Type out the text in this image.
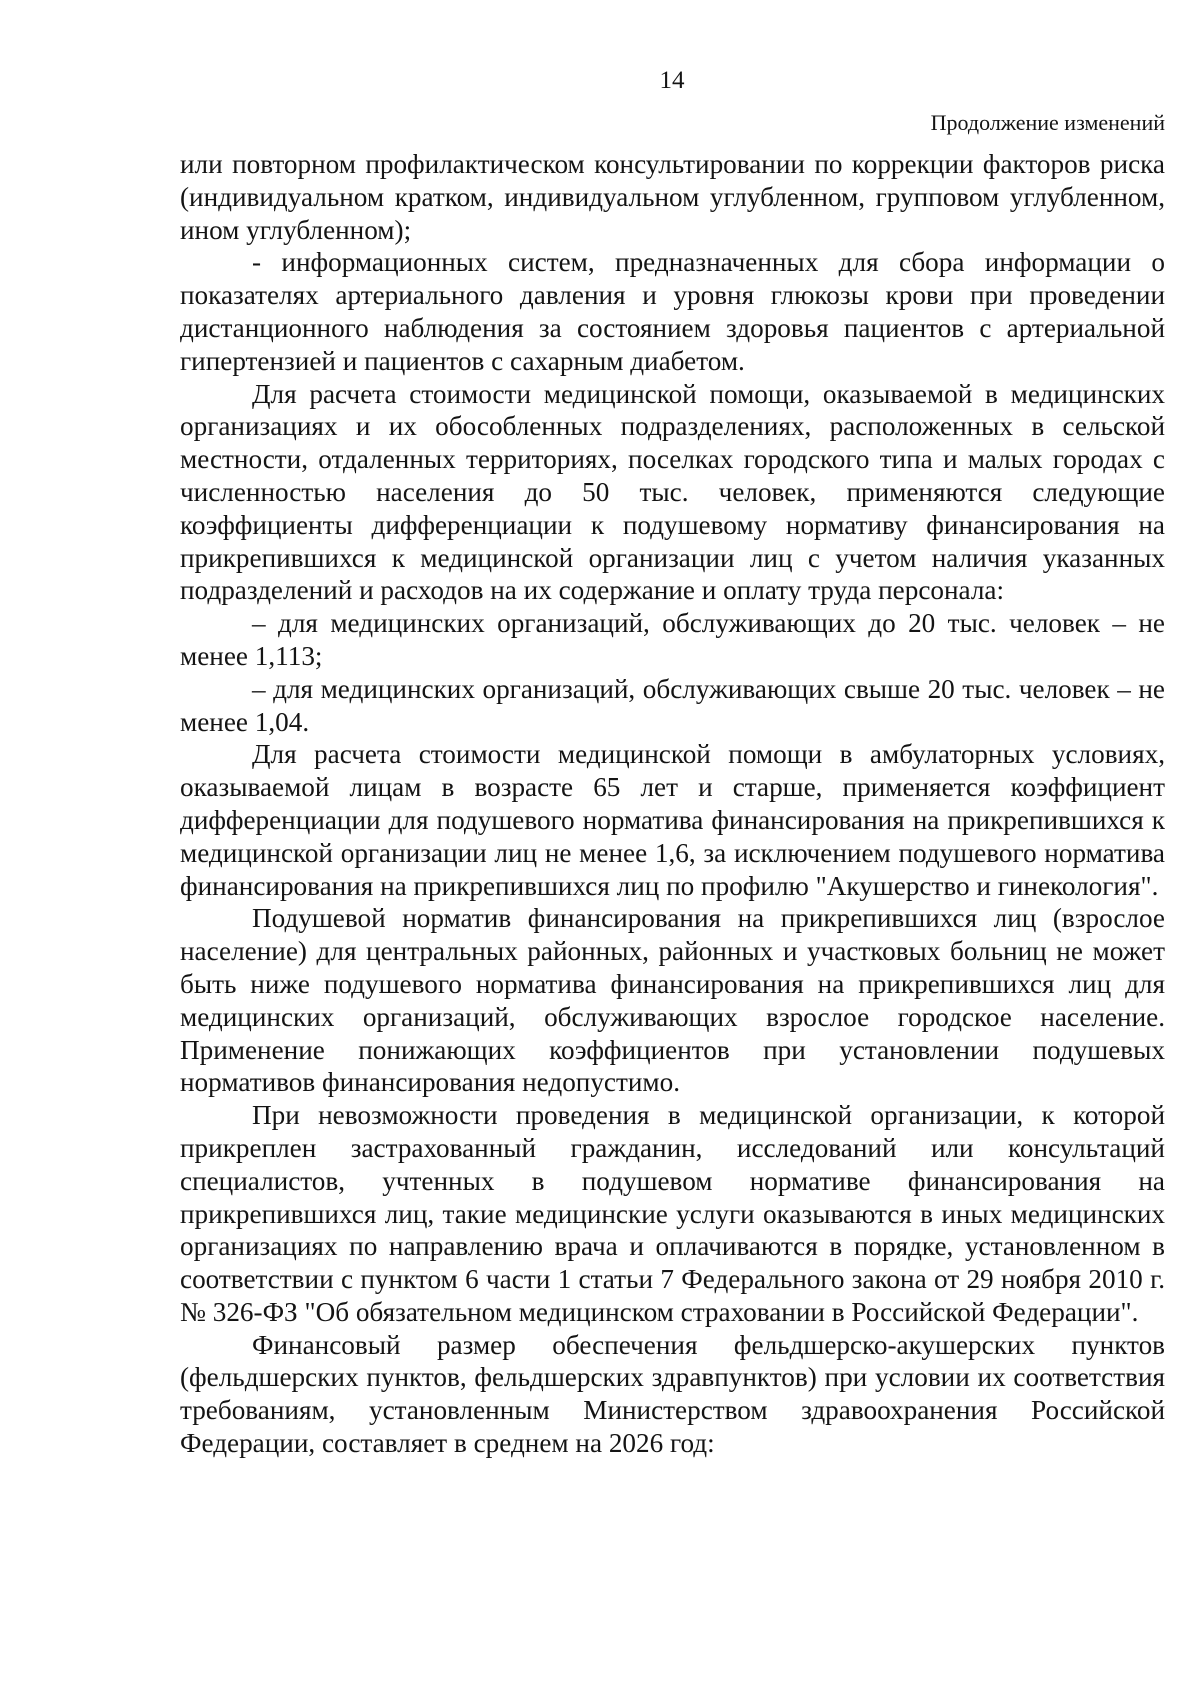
14
Продолжение изменений

или повторном профилактическом консультировании по коррекции факторов риска (индивидуальном кратком, индивидуальном углубленном, групповом углубленном, ином углубленном);

- информационных систем, предназначенных для сбора информации о показателях артериального давления и уровня глюкозы крови при проведении дистанционного наблюдения за состоянием здоровья пациентов с артериальной гипертензией и пациентов с сахарным диабетом.

Для расчета стоимости медицинской помощи, оказываемой в медицинских организациях и их обособленных подразделениях, расположенных в сельской местности, отдаленных территориях, поселках городского типа и малых городах с численностью населения до 50 тыс. человек, применяются следующие коэффициенты дифференциации к подушевому нормативу финансирования на прикрепившихся к медицинской организации лиц с учетом наличия указанных подразделений и расходов на их содержание и оплату труда персонала:

– для медицинских организаций, обслуживающих до 20 тыс. человек – не менее 1,113;

– для медицинских организаций, обслуживающих свыше 20 тыс. человек – не менее 1,04.

Для расчета стоимости медицинской помощи в амбулаторных условиях, оказываемой лицам в возрасте 65 лет и старше, применяется коэффициент дифференциации для подушевого норматива финансирования на прикрепившихся к медицинской организации лиц не менее 1,6, за исключением подушевого норматива финансирования на прикрепившихся лиц по профилю "Акушерство и гинекология".

Подушевой норматив финансирования на прикрепившихся лиц (взрослое население) для центральных районных, районных и участковых больниц не может быть ниже подушевого норматива финансирования на прикрепившихся лиц для медицинских организаций, обслуживающих взрослое городское население. Применение понижающих коэффициентов при установлении подушевых нормативов финансирования недопустимо.

При невозможности проведения в медицинской организации, к которой прикреплен застрахованный гражданин, исследований или консультаций специалистов, учтенных в подушевом нормативе финансирования на прикрепившихся лиц, такие медицинские услуги оказываются в иных медицинских организациях по направлению врача и оплачиваются в порядке, установленном в соответствии с пунктом 6 части 1 статьи 7 Федерального закона от 29 ноября 2010 г. № 326-ФЗ "Об обязательном медицинском страховании в Российской Федерации".

Финансовый размер обеспечения фельдшерско-акушерских пунктов (фельдшерских пунктов, фельдшерских здравпунктов) при условии их соответствия требованиям, установленным Министерством здравоохранения Российской Федерации, составляет в среднем на 2026 год:
